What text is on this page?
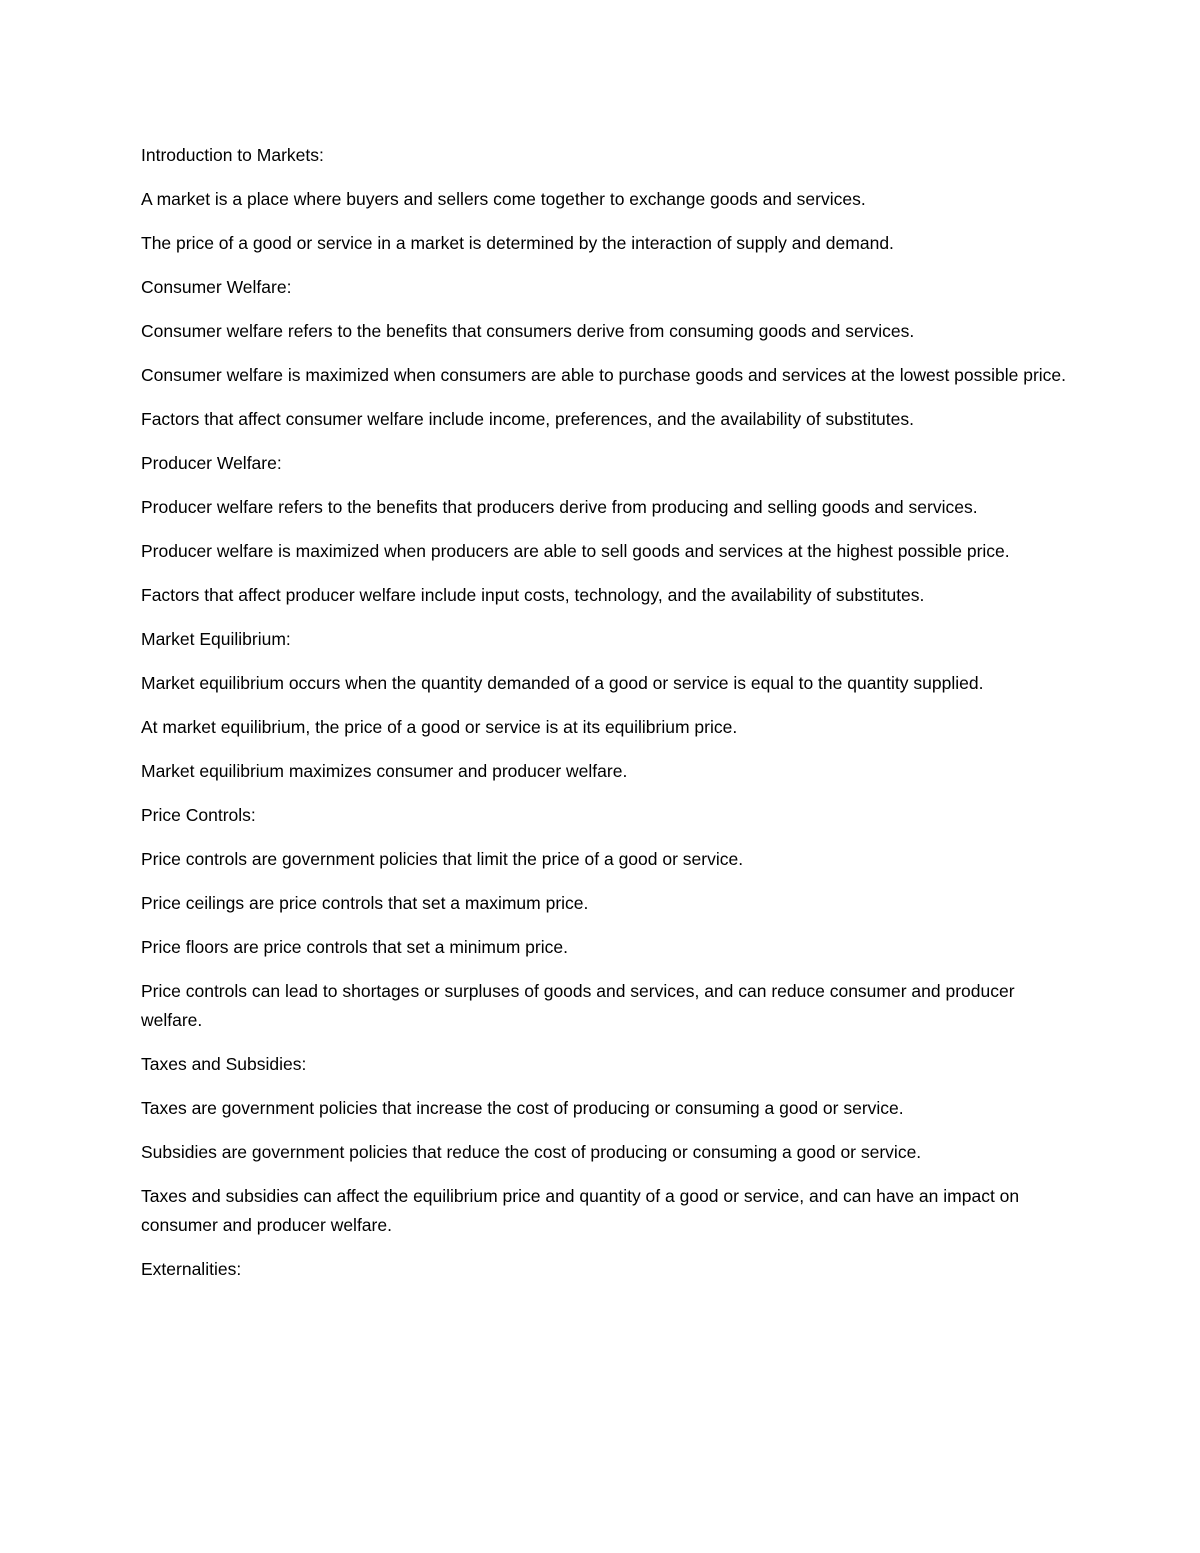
Introduction to Markets:

A market is a place where buyers and sellers come together to exchange goods and services.

The price of a good or service in a market is determined by the interaction of supply and demand.

Consumer Welfare:

Consumer welfare refers to the benefits that consumers derive from consuming goods and services.

Consumer welfare is maximized when consumers are able to purchase goods and services at the lowest possible price.

Factors that affect consumer welfare include income, preferences, and the availability of substitutes.

Producer Welfare:

Producer welfare refers to the benefits that producers derive from producing and selling goods and services.

Producer welfare is maximized when producers are able to sell goods and services at the highest possible price.

Factors that affect producer welfare include input costs, technology, and the availability of substitutes.

Market Equilibrium:

Market equilibrium occurs when the quantity demanded of a good or service is equal to the quantity supplied.

At market equilibrium, the price of a good or service is at its equilibrium price.

Market equilibrium maximizes consumer and producer welfare.

Price Controls:

Price controls are government policies that limit the price of a good or service.

Price ceilings are price controls that set a maximum price.

Price floors are price controls that set a minimum price.

Price controls can lead to shortages or surpluses of goods and services, and can reduce consumer and producer welfare.

Taxes and Subsidies:

Taxes are government policies that increase the cost of producing or consuming a good or service.

Subsidies are government policies that reduce the cost of producing or consuming a good or service.

Taxes and subsidies can affect the equilibrium price and quantity of a good or service, and can have an impact on consumer and producer welfare.

Externalities:
